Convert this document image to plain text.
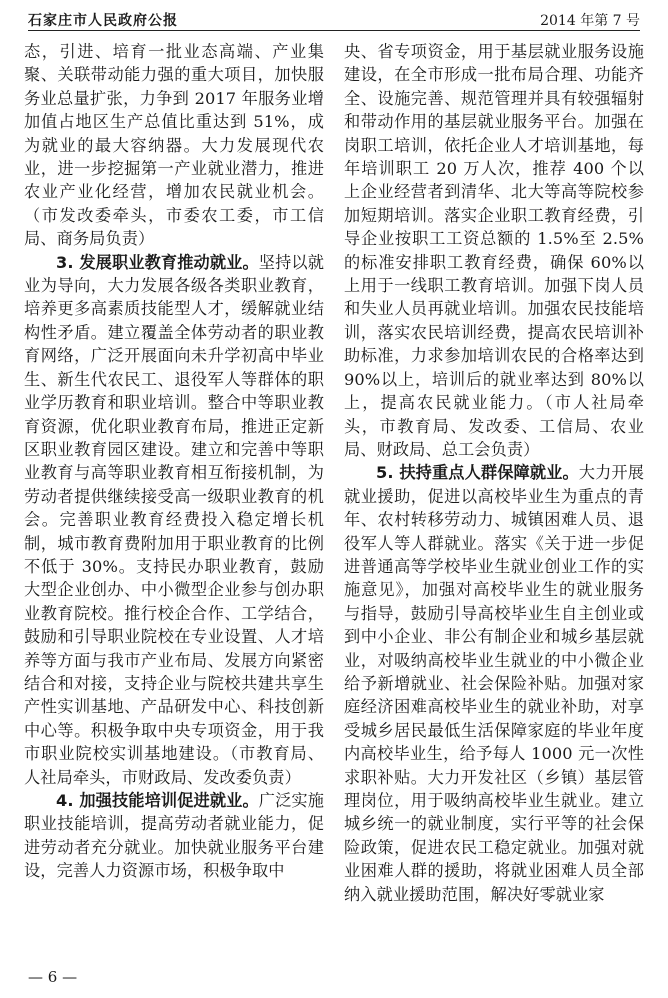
石家庄市人民政府公报	2014 年第 7 号

态，引进、培育一批业态高端、产业集聚、关联带动能力强的重大项目，加快服务业总量扩张，力争到 2017 年服务业增加值占地区生产总值比重达到 51%，成为就业的最大容纳器。大力发展现代农业，进一步挖掘第一产业就业潜力，推进农业产业化经营，增加农民就业机会。（市发改委牵头，市委农工委，市工信局、商务局负责）

3. 发展职业教育推动就业。坚持以就业为导向，大力发展各级各类职业教育，培养更多高素质技能型人才，缓解就业结构性矛盾。建立覆盖全体劳动者的职业教育网络，广泛开展面向未升学初高中毕业生、新生代农民工、退役军人等群体的职业学历教育和职业培训。整合中等职业教育资源，优化职业教育布局，推进正定新区职业教育园区建设。建立和完善中等职业教育与高等职业教育相互衔接机制，为劳动者提供继续接受高一级职业教育的机会。完善职业教育经费投入稳定增长机制，城市教育费附加用于职业教育的比例不低于 30%。支持民办职业教育，鼓励大型企业创办、中小微型企业参与创办职业教育院校。推行校企合作、工学结合，鼓励和引导职业院校在专业设置、人才培养等方面与我市产业布局、发展方向紧密结合和对接，支持企业与院校共建共享生产性实训基地、产品研发中心、科技创新中心等。积极争取中央专项资金，用于我市职业院校实训基地建设。（市教育局、人社局牵头，市财政局、发改委负责）

4. 加强技能培训促进就业。广泛实施职业技能培训，提高劳动者就业能力，促进劳动者充分就业。加快就业服务平台建设，完善人力资源市场，积极争取中

央、省专项资金，用于基层就业服务设施建设，在全市形成一批布局合理、功能齐全、设施完善、规范管理并具有较强辐射和带动作用的基层就业服务平台。加强在岗职工培训，依托企业人才培训基地，每年培训职工 20 万人次，推荐 400 个以上企业经营者到清华、北大等高等院校参加短期培训。落实企业职工教育经费，引导企业按职工工资总额的 1.5%至 2.5%的标准安排职工教育经费，确保 60%以上用于一线职工教育培训。加强下岗人员和失业人员再就业培训。加强农民技能培训，落实农民培训经费，提高农民培训补助标准，力求参加培训农民的合格率达到 90%以上，培训后的就业率达到 80%以上，提高农民就业能力。（市人社局牵头，市教育局、发改委、工信局、农业局、财政局、总工会负责）

5. 扶持重点人群保障就业。大力开展就业援助，促进以高校毕业生为重点的青年、农村转移劳动力、城镇困难人员、退役军人等人群就业。落实《关于进一步促进普通高等学校毕业生就业创业工作的实施意见》，加强对高校毕业生的就业服务与指导，鼓励引导高校毕业生自主创业或到中小企业、非公有制企业和城乡基层就业，对吸纳高校毕业生就业的中小微企业给予新增就业、社会保险补贴。加强对家庭经济困难高校毕业生的就业补助，对享受城乡居民最低生活保障家庭的毕业年度内高校毕业生，给予每人 1000 元一次性求职补贴。大力开发社区（乡镇）基层管理岗位，用于吸纳高校毕业生就业。建立城乡统一的就业制度，实行平等的社会保险政策，促进农民工稳定就业。加强对就业困难人群的援助，将就业困难人员全部纳入就业援助范围，解决好零就业家

— 6 —
